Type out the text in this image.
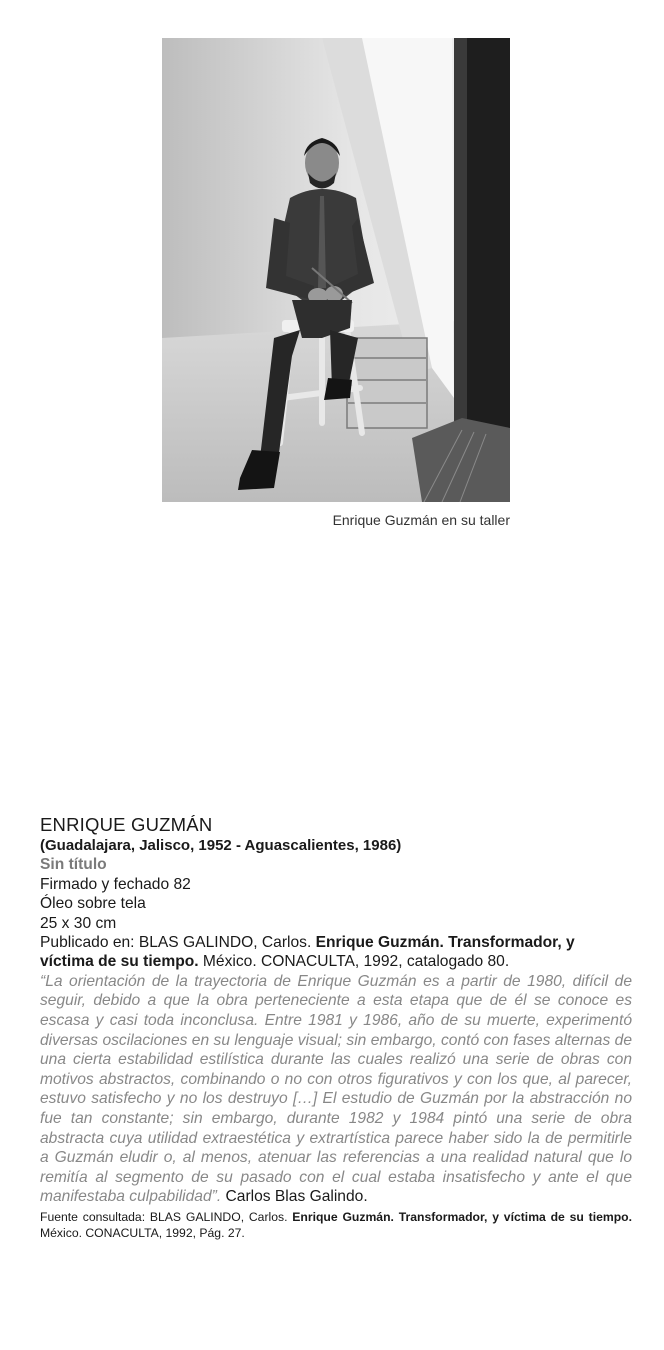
Enrique Guzmán en su taller
ENRIQUE GUZMÁN
(Guadalajara, Jalisco, 1952 - Aguascalientes, 1986)
Sin título
Firmado y fechado 82
Óleo sobre tela
25 x 30 cm
Publicado en: BLAS GALINDO, Carlos. Enrique Guzmán. Transformador, y víctima de su tiempo. México. CONACULTA, 1992, catalogado 80.
“La orientación de la trayectoria de Enrique Guzmán es a partir de 1980, difícil de seguir, debido a que la obra perteneciente a esta etapa que de él se conoce es escasa y casi toda inconclusa. Entre 1981 y 1986, año de su muerte, experimentó diversas oscilaciones en su lenguaje visual; sin embargo, contó con fases alternas de una cierta estabilidad estilística durante las cuales realizó una serie de obras con motivos abstractos, combinando o no con otros figurativos y con los que, al parecer, estuvo satisfecho y no los destruyo […] El estudio de Guzmán por la abstracción no fue tan constante; sin embargo, durante 1982 y 1984 pintó una serie de obra abstracta cuya utilidad extraestética y extrartística parece haber sido la de permitirle a Guzmán eludir o, al menos, atenuar las referencias a una realidad natural que lo remitía al segmento de su pasado con el cual estaba insatisfecho y ante el que manifestaba culpabilidad”. Carlos Blas Galindo.
Fuente consultada: BLAS GALINDO, Carlos. Enrique Guzmán. Transformador, y víctima de su tiempo. México. CONACULTA, 1992, Pág. 27.
